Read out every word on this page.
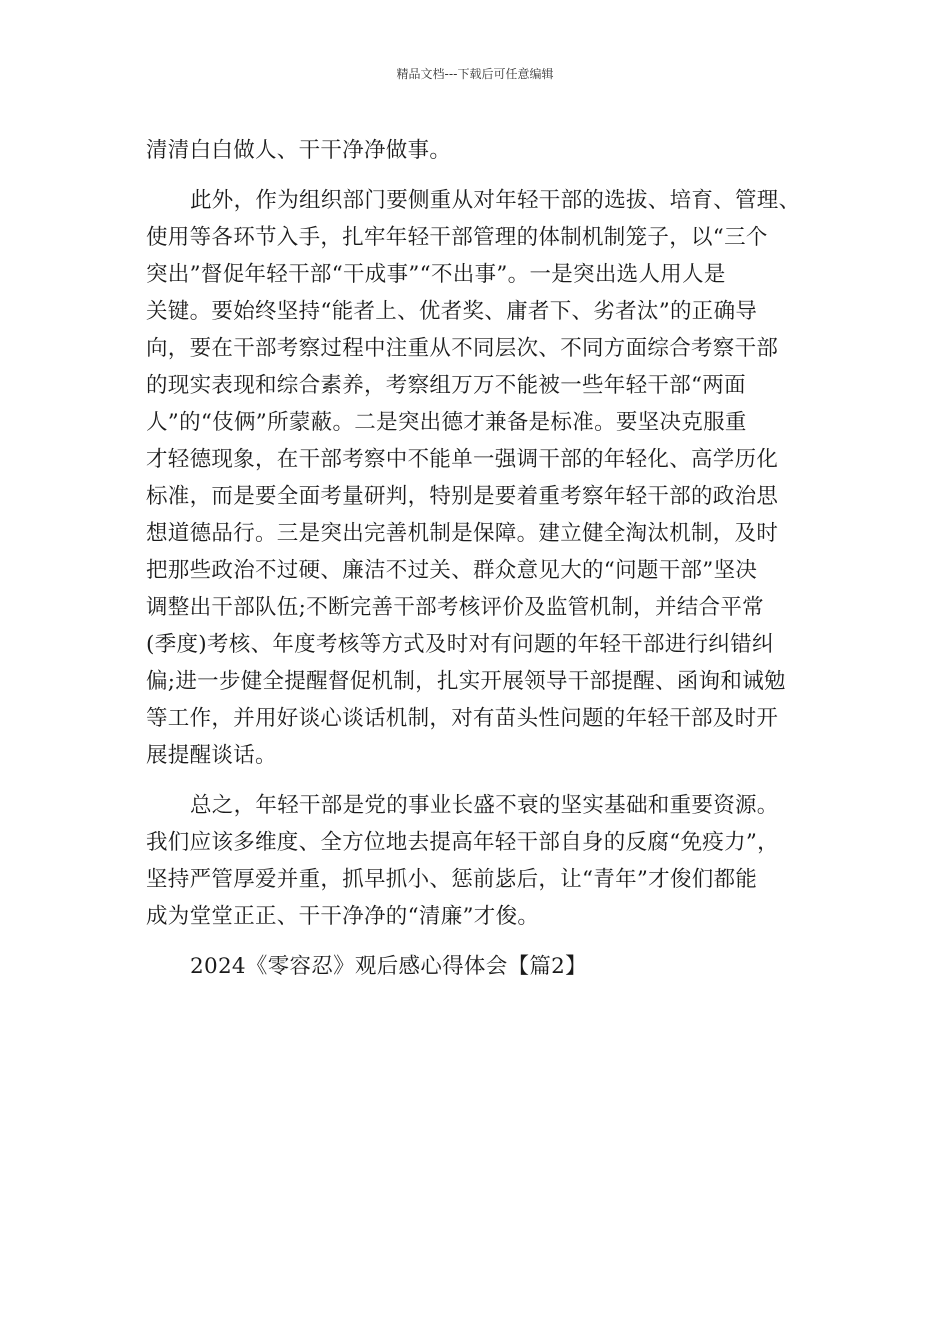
精品文档---下载后可任意编辑
清清白白做人、干干净净做事。
此外，作为组织部门要侧重从对年轻干部的选拔、培育、管理、
使用等各环节入手，扎牢年轻干部管理的体制机制笼子，以“三个
突出”督促年轻干部“干成事”“不出事”。一是突出选人用人是
关键。要始终坚持“能者上、优者奖、庸者下、劣者汰”的正确导
向，要在干部考察过程中注重从不同层次、不同方面综合考察干部
的现实表现和综合素养，考察组万万不能被一些年轻干部“两面
人”的“伎俩”所蒙蔽。二是突出德才兼备是标准。要坚决克服重
才轻德现象，在干部考察中不能单一强调干部的年轻化、高学历化
标准，而是要全面考量研判，特别是要着重考察年轻干部的政治思
想道德品行。三是突出完善机制是保障。建立健全淘汰机制，及时
把那些政治不过硬、廉洁不过关、群众意见大的“问题干部”坚决
调整出干部队伍;不断完善干部考核评价及监管机制，并结合平常
(季度)考核、年度考核等方式及时对有问题的年轻干部进行纠错纠
偏;进一步健全提醒督促机制，扎实开展领导干部提醒、函询和诫勉
等工作，并用好谈心谈话机制，对有苗头性问题的年轻干部及时开
展提醒谈话。
总之，年轻干部是党的事业长盛不衰的坚实基础和重要资源。
我们应该多维度、全方位地去提高年轻干部自身的反腐“免疫力”，
坚持严管厚爱并重，抓早抓小、惩前毖后，让“青年”才俊们都能
成为堂堂正正、干干净净的“清廉”才俊。
2024《零容忍》观后感心得体会【篇2】
